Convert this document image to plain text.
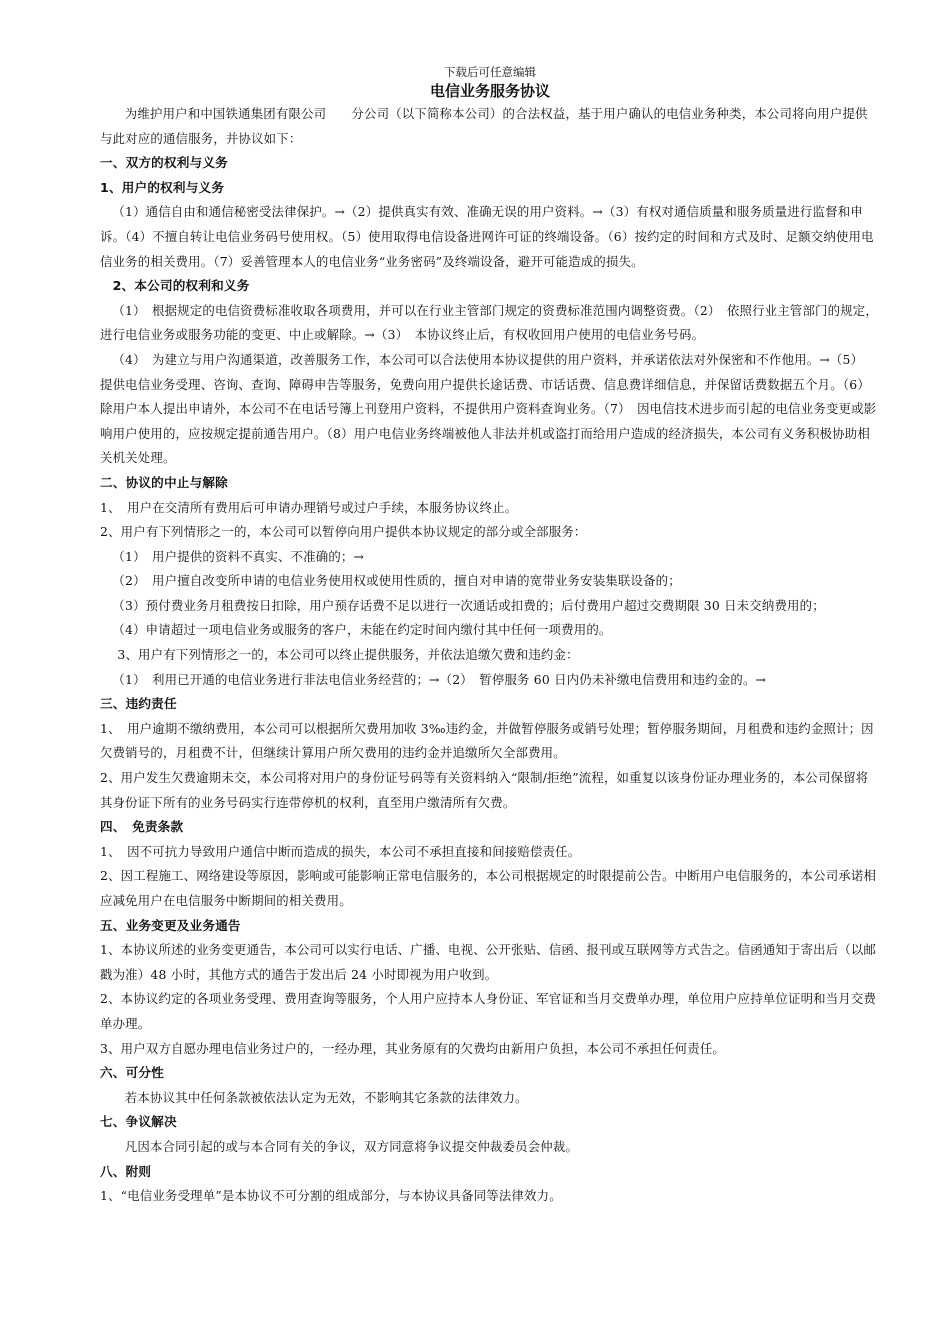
下载后可任意编辑
电信业务服务协议

为维护用户和中国铁通集团有限公司　　分公司（以下简称本公司）的合法权益，基于用户确认的电信业务种类，本公司将向用户提供与此对应的通信服务，并协议如下：

一、双方的权利与义务

1、用户的权利与义务

（1）通信自由和通信秘密受法律保护。→（2）提供真实有效、准确无误的用户资料。→（3）有权对通信质量和服务质量进行监督和申诉。（4）不擅自转让电信业务码号使用权。（5）使用取得电信设备进网许可证的终端设备。（6）按约定的时间和方式及时、足额交纳使用电信业务的相关费用。（7）妥善管理本人的电信业务“业务密码”及终端设备，避开可能造成的损失。

2、本公司的权利和义务

（1）　根据规定的电信资费标准收取各项费用，并可以在行业主管部门规定的资费标准范围内调整资费。（2）　依照行业主管部门的规定，进行电信业务或服务功能的变更、中止或解除。→（3）　本协议终止后，有权收回用户使用的电信业务号码。

（4）　为建立与用户沟通渠道，改善服务工作，本公司可以合法使用本协议提供的用户资料，并承诺依法对外保密和不作他用。→（5）　提供电信业务受理、咨询、查询、障碍申告等服务，免费向用户提供长途话费、市话话费、信息费详细信息，并保留话费数据五个月。（6）　除用户本人提出申请外，本公司不在电话号簿上刊登用户资料，不提供用户资料查询业务。（7）　因电信技术进步而引起的电信业务变更或影响用户使用的，应按规定提前通告用户。（8）用户电信业务终端被他人非法并机或盗打而给用户造成的经济损失，本公司有义务积极协助相关机关处理。

二、协议的中止与解除

1、　用户在交清所有费用后可申请办理销号或过户手续，本服务协议终止。

2、用户有下列情形之一的，本公司可以暂停向用户提供本协议规定的部分或全部服务：

（1）　用户提供的资料不真实、不准确的；→

（2）　用户擅自改变所申请的电信业务使用权或使用性质的，擅自对申请的宽带业务安装集联设备的；

（3）预付费业务月租费按日扣除，用户预存话费不足以进行一次通话或扣费的；后付费用户超过交费期限 30 日未交纳费用的；

（4）申请超过一项电信业务或服务的客户，未能在约定时间内缴付其中任何一项费用的。

3、用户有下列情形之一的，本公司可以终止提供服务，并依法追缴欠费和违约金：

（1）　利用已开通的电信业务进行非法电信业务经营的；→（2）　暂停服务 60 日内仍未补缴电信费用和违约金的。→

三、违约责任

1、　用户逾期不缴纳费用，本公司可以根据所欠费用加收 3‰违约金，并做暂停服务或销号处理；暂停服务期间，月租费和违约金照计；因欠费销号的，月租费不计，但继续计算用户所欠费用的违约金并追缴所欠全部费用。

2、用户发生欠费逾期未交，本公司将对用户的身份证号码等有关资料纳入“限制/拒绝”流程，如重复以该身份证办理业务的，本公司保留将其身份证下所有的业务号码实行连带停机的权利，直至用户缴清所有欠费。

四、　免责条款

1、　因不可抗力导致用户通信中断而造成的损失，本公司不承担直接和间接赔偿责任。

2、因工程施工、网络建设等原因，影响或可能影响正常电信服务的，本公司根据规定的时限提前公告。中断用户电信服务的，本公司承诺相应减免用户在电信服务中断期间的相关费用。

五、业务变更及业务通告

1、本协议所述的业务变更通告，本公司可以实行电话、广播、电视、公开张贴、信函、报刊或互联网等方式告之。信函通知于寄出后（以邮戳为准）48 小时，其他方式的通告于发出后 24 小时即视为用户收到。

2、本协议约定的各项业务受理、费用查询等服务，个人用户应持本人身份证、军官证和当月交费单办理，单位用户应持单位证明和当月交费单办理。

3、用户双方自愿办理电信业务过户的，一经办理，其业务原有的欠费均由新用户负担，本公司不承担任何责任。

六、可分性

若本协议其中任何条款被依法认定为无效，不影响其它条款的法律效力。

七、争议解决

凡因本合同引起的或与本合同有关的争议，双方同意将争议提交仲裁委员会仲裁。

八、附则

1、“电信业务受理单”是本协议不可分割的组成部分，与本协议具备同等法律效力。
